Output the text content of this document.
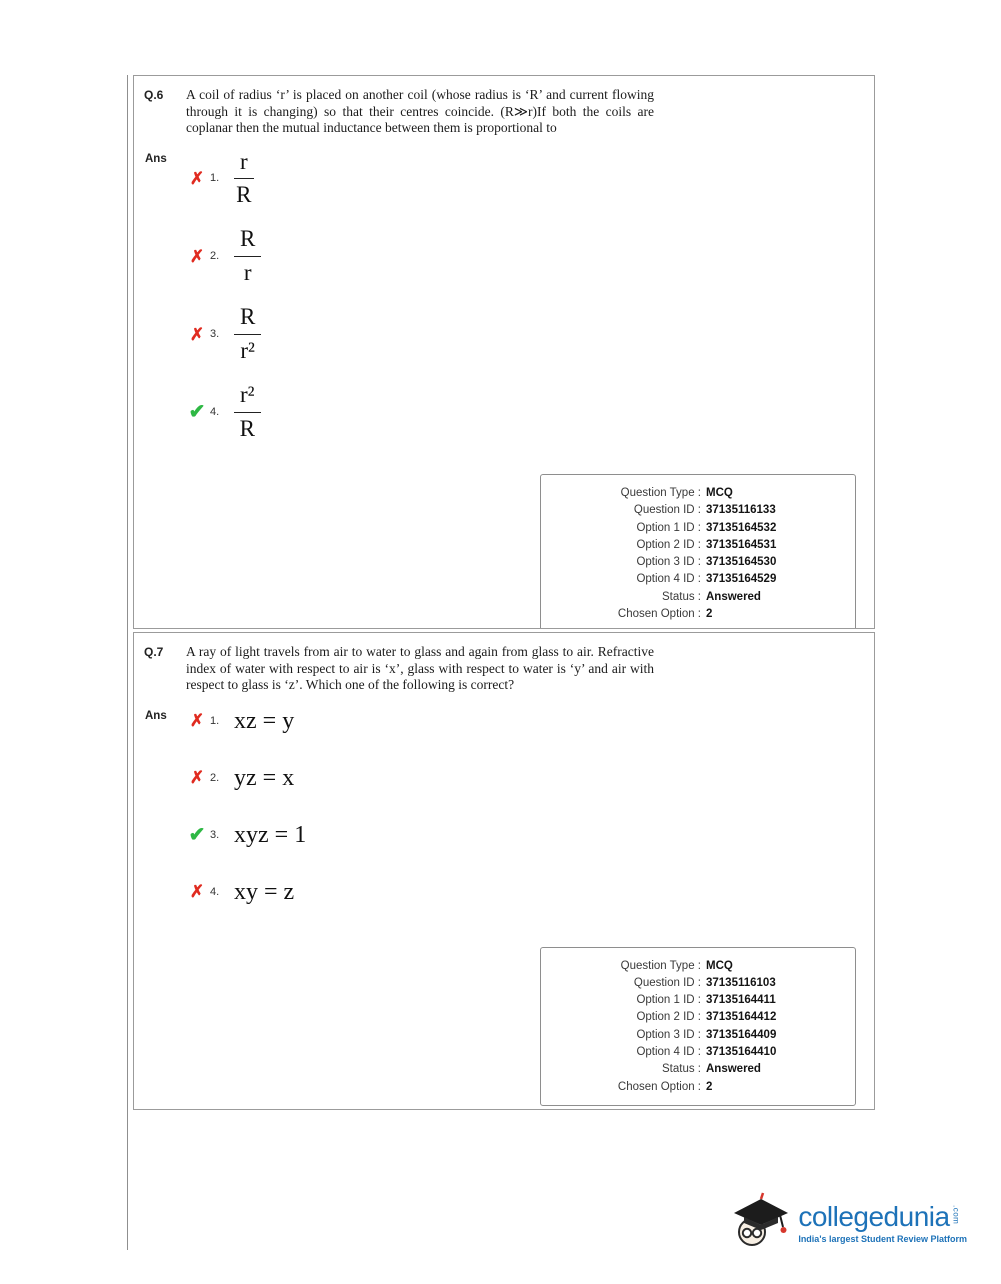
Q.6	A coil of radius ‘r’ is placed on another coil (whose radius is ‘R’ and current flowing through it is changing) so that their centres coincide. (R≫r)If both the coils are coplanar then the mutual inductance between them is proportional to

Ans
✗ 1. $\frac{r}{R}$
✗ 2. $\frac{R}{r}$
✗ 3. $\frac{R}{\text{r²}}$
✔ 4. $\frac{\text{r²}}{R}$
Question Type : MCQ
Question ID : 37135116133
Option 1 ID : 37135164532
Option 2 ID : 37135164531
Option 3 ID : 37135164530
Option 4 ID : 37135164529
Status : Answered
Chosen Option : 2
Q.7	A ray of light travels from air to water to glass and again from glass to air. Refractive index of water with respect to air is ‘x’, glass with respect to water is ‘y’ and air with respect to glass is ‘z’. Which one of the following is correct?

Ans	✗ 1. xz = y
✗ 2. yz = x
✔ 3. xyz = 1
✗ 4. xy = z
Question Type : MCQ
Question ID : 37135116103
Option 1 ID : 37135164411
Option 2 ID : 37135164412
Option 3 ID : 37135164409
Option 4 ID : 37135164410
Status : Answered
Chosen Option : 2
collegedunia .com
India's largest Student Review Platform
